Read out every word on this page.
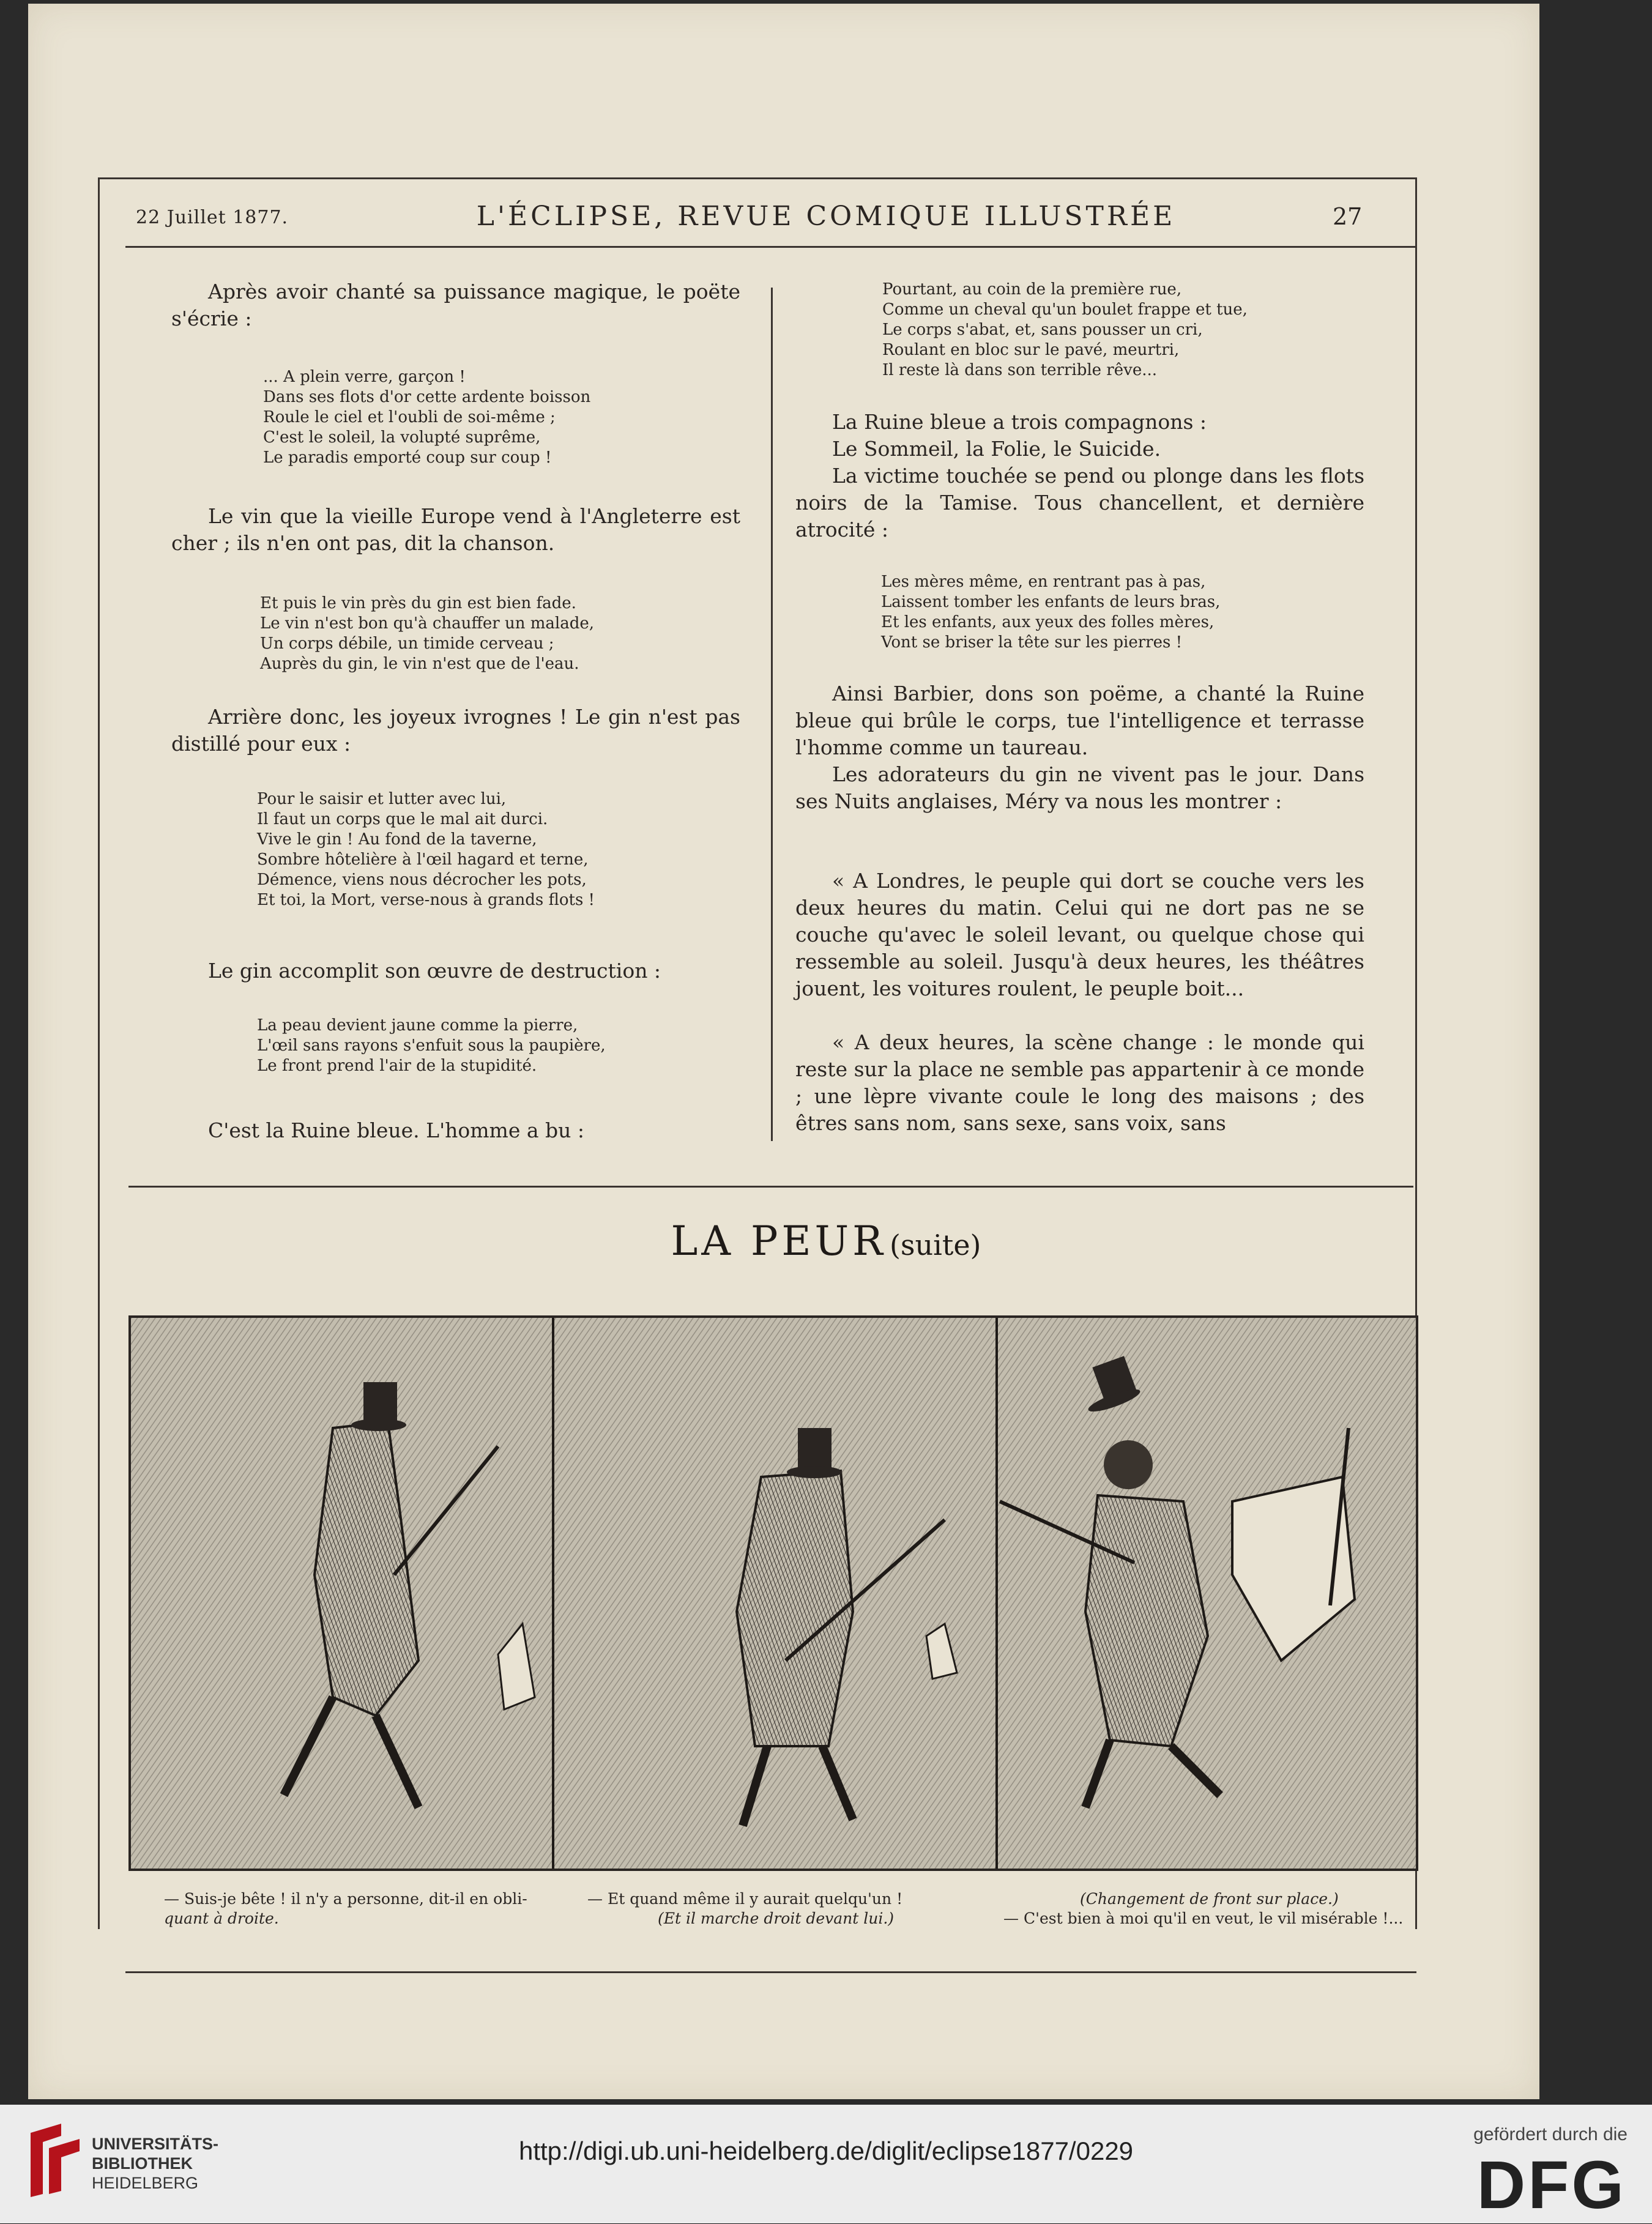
22 Juillet 1877.	L'ÉCLIPSE, REVUE COMIQUE ILLUSTRÉE	27
Après avoir chanté sa puissance magique, le poëte s'écrie :
... A plein verre, garçon !
Dans ses flots d'or cette ardente boisson
Roule le ciel et l'oubli de soi-même ;
C'est le soleil, la volupté suprême,
Le paradis emporté coup sur coup !
Le vin que la vieille Europe vend à l'Angleterre est cher ; ils n'en ont pas, dit la chanson.
Et puis le vin près du gin est bien fade.
Le vin n'est bon qu'à chauffer un malade,
Un corps débile, un timide cerveau ;
Auprès du gin, le vin n'est que de l'eau.
Arrière donc, les joyeux ivrognes ! Le gin n'est pas distillé pour eux :
Pour le saisir et lutter avec lui,
Il faut un corps que le mal ait durci.
Vive le gin ! Au fond de la taverne,
Sombre hôtelière à l'œil hagard et terne,
Démence, viens nous décrocher les pots,
Et toi, la Mort, verse-nous à grands flots !
Le gin accomplit son œuvre de destruction :
La peau devient jaune comme la pierre,
L'œil sans rayons s'enfuit sous la paupière,
Le front prend l'air de la stupidité.
C'est la Ruine bleue. L'homme a bu :
Pourtant, au coin de la première rue,
Comme un cheval qu'un boulet frappe et tue,
Le corps s'abat, et, sans pousser un cri,
Roulant en bloc sur le pavé, meurtri,
Il reste là dans son terrible rêve...
La Ruine bleue a trois compagnons :
Le Sommeil, la Folie, le Suicide.
La victime touchée se pend ou plonge dans les flots noirs de la Tamise. Tous chancellent, et dernière atrocité :
Les mères même, en rentrant pas à pas,
Laissent tomber les enfants de leurs bras,
Et les enfants, aux yeux des folles mères,
Vont se briser la tête sur les pierres !
Ainsi Barbier, dons son poëme, a chanté la Ruine bleue qui brûle le corps, tue l'intelligence et terrasse l'homme comme un taureau.
Les adorateurs du gin ne vivent pas le jour. Dans ses Nuits anglaises, Méry va nous les montrer :
« A Londres, le peuple qui dort se couche vers les deux heures du matin. Celui qui ne dort pas ne se couche qu'avec le soleil levant, ou quelque chose qui ressemble au soleil. Jusqu'à deux heures, les théâtres jouent, les voitures roulent, le peuple boit...
« A deux heures, la scène change : le monde qui reste sur la place ne semble pas appartenir à ce monde ; une lèpre vivante coule le long des maisons ; des êtres sans nom, sans sexe, sans voix, sans
LA PEUR (suite)
— Suis-je bête ! il n'y a personne, dit-il en obli-
quant à droite.
— Et quand même il y aurait quelqu'un !
(Et il marche droit devant lui.)
(Changement de front sur place.)
— C'est bien à moi qu'il en veut, le vil misérable !...
UNIVERSITÄTS-
BIBLIOTHEK
HEIDELBERG
http://digi.ub.uni-heidelberg.de/diglit/eclipse1877/0229
gefördert durch die
DFG
